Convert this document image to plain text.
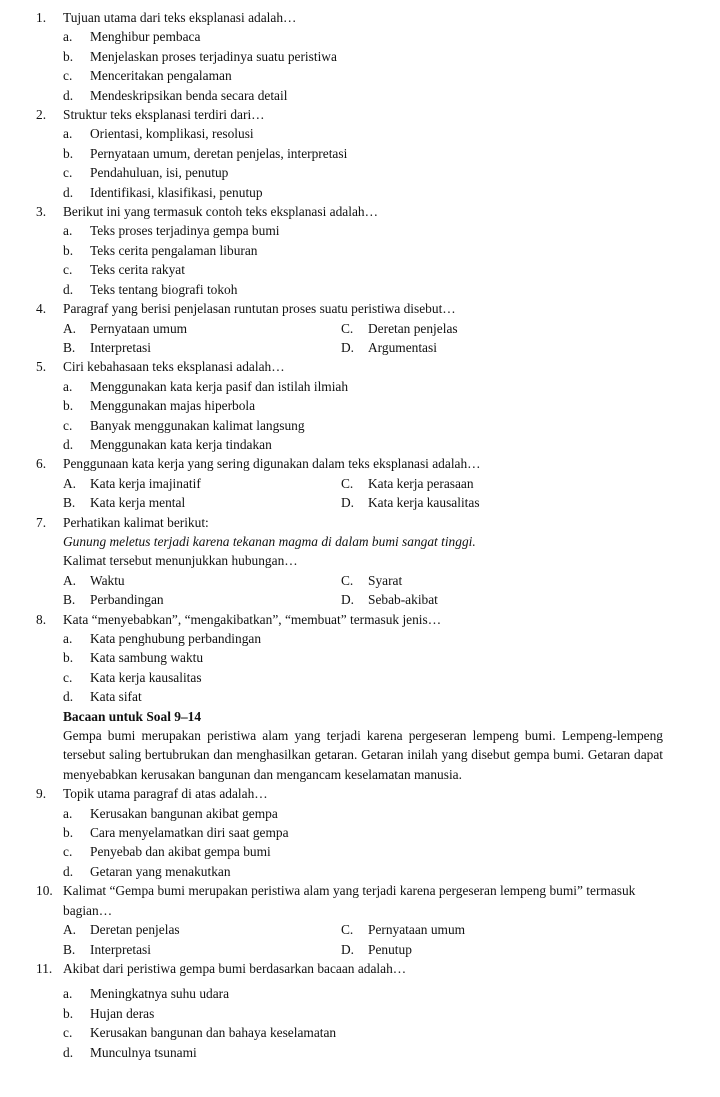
1.	Tujuan utama dari teks eksplanasi adalah…
a.	Menghibur pembaca
b.	Menjelaskan proses terjadinya suatu peristiwa
c.	Menceritakan pengalaman
d.	Mendeskripsikan benda secara detail
2.	Struktur teks eksplanasi terdiri dari…
a.	Orientasi, komplikasi, resolusi
b.	Pernyataan umum, deretan penjelas, interpretasi
c.	Pendahuluan, isi, penutup
d.	Identifikasi, klasifikasi, penutup
3.	Berikut ini yang termasuk contoh teks eksplanasi adalah…
a.	Teks proses terjadinya gempa bumi
b.	Teks cerita pengalaman liburan
c.	Teks cerita rakyat
d.	Teks tentang biografi tokoh
4.	Paragraf yang berisi penjelasan runtutan proses suatu peristiwa disebut…
A.	Pernyataan umum	C.	Deretan penjelas
B.	Interpretasi	D.	Argumentasi
5.	Ciri kebahasaan teks eksplanasi adalah…
a.	Menggunakan kata kerja pasif dan istilah ilmiah
b.	Menggunakan majas hiperbola
c.	Banyak menggunakan kalimat langsung
d.	Menggunakan kata kerja tindakan
6.	Penggunaan kata kerja yang sering digunakan dalam teks eksplanasi adalah…
A.	Kata kerja imajinatif	C.	Kata kerja perasaan
B.	Kata kerja mental	D.	Kata kerja kausalitas
7.	Perhatikan kalimat berikut:
Gunung meletus terjadi karena tekanan magma di dalam bumi sangat tinggi.
Kalimat tersebut menunjukkan hubungan…
A.	Waktu	C.	Syarat
B.	Perbandingan	D.	Sebab-akibat
8.	Kata “menyebabkan”, “mengakibatkan”, “membuat” termasuk jenis…
a.	Kata penghubung perbandingan
b.	Kata sambung waktu
c.	Kata kerja kausalitas
d.	Kata sifat
Bacaan untuk Soal 9–14
Gempa bumi merupakan peristiwa alam yang terjadi karena pergeseran lempeng bumi. Lempeng-lempeng tersebut saling bertubrukan dan menghasilkan getaran. Getaran inilah yang disebut gempa bumi. Getaran dapat menyebabkan kerusakan bangunan dan mengancam keselamatan manusia.
9.	Topik utama paragraf di atas adalah…
a.	Kerusakan bangunan akibat gempa
b.	Cara menyelamatkan diri saat gempa
c.	Penyebab dan akibat gempa bumi
d.	Getaran yang menakutkan
10. Kalimat “Gempa bumi merupakan peristiwa alam yang terjadi karena pergeseran lempeng bumi” termasuk bagian…
A.	Deretan penjelas	C.	Pernyataan umum
B.	Interpretasi	D.	Penutup
11. Akibat dari peristiwa gempa bumi berdasarkan bacaan adalah…
a.	Meningkatnya suhu udara
b.	Hujan deras
c.	Kerusakan bangunan dan bahaya keselamatan
d.	Munculnya tsunami
